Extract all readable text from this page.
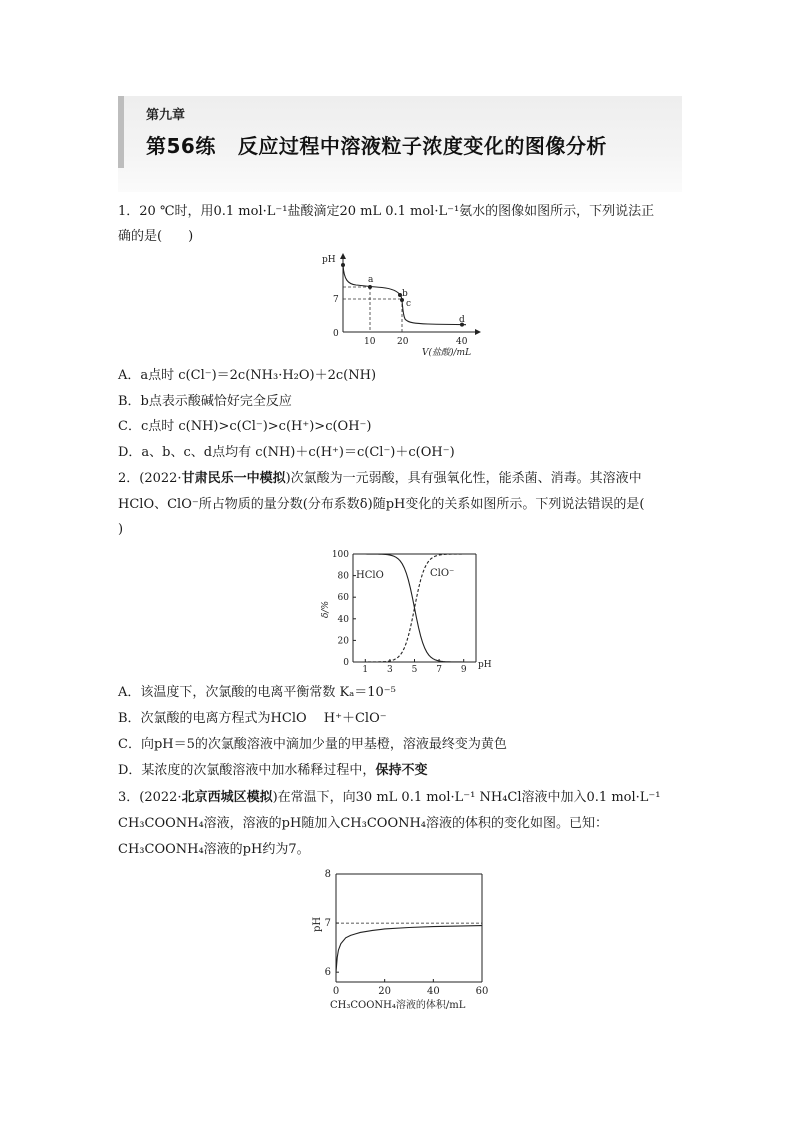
第九章
第56练 反应过程中溶液粒子浓度变化的图像分析
1．20 ℃时，用0.1 mol·L⁻¹盐酸滴定20 mL 0.1 mol·L⁻¹氨水的图像如图所示，下列说法正
确的是(　　)
pH
7
0
10 20	40
V(盐酸)/mL
a
b
c
d
A．a点时 c(Cl⁻)＝2c(NH₃·H₂O)＋2c(NH)
B．b点表示酸碱恰好完全反应
C．c点时 c(NH)>c(Cl⁻)>c(H⁺)>c(OH⁻)
D．a、b、c、d点均有 c(NH)＋c(H⁺)＝c(Cl⁻)＋c(OH⁻)
2．(2022·甘肃民乐一中模拟)次氯酸为一元弱酸，具有强氧化性，能杀菌、消毒。其溶液中
HClO、ClO⁻所占物质的量分数(分布系数δ)随pH变化的关系如图所示。下列说法错误的是(
)
0
20
40
60
80
100
1 3 5 7 9
HClO	ClO⁻
pH
δ/%
A．该温度下，次氯酸的电离平衡常数 Kₐ＝10⁻⁵
B．次氯酸的电离方程式为HClO　 H⁺＋ClO⁻
C．向pH＝5的次氯酸溶液中滴加少量的甲基橙，溶液最终变为黄色
D．某浓度的次氯酸溶液中加水稀释过程中，保持不变
3．(2022·北京西城区模拟)在常温下，向30 mL 0.1 mol·L⁻¹ NH₄Cl溶液中加入0.1 mol·L⁻¹
CH₃COONH₄溶液，溶液的pH随加入CH₃COONH₄溶液的体积的变化如图。已知：
CH₃COONH₄溶液的pH约为7。
6
7
8
0	20	40	60
pH
CH₃COONH₄溶液的体积/mL
